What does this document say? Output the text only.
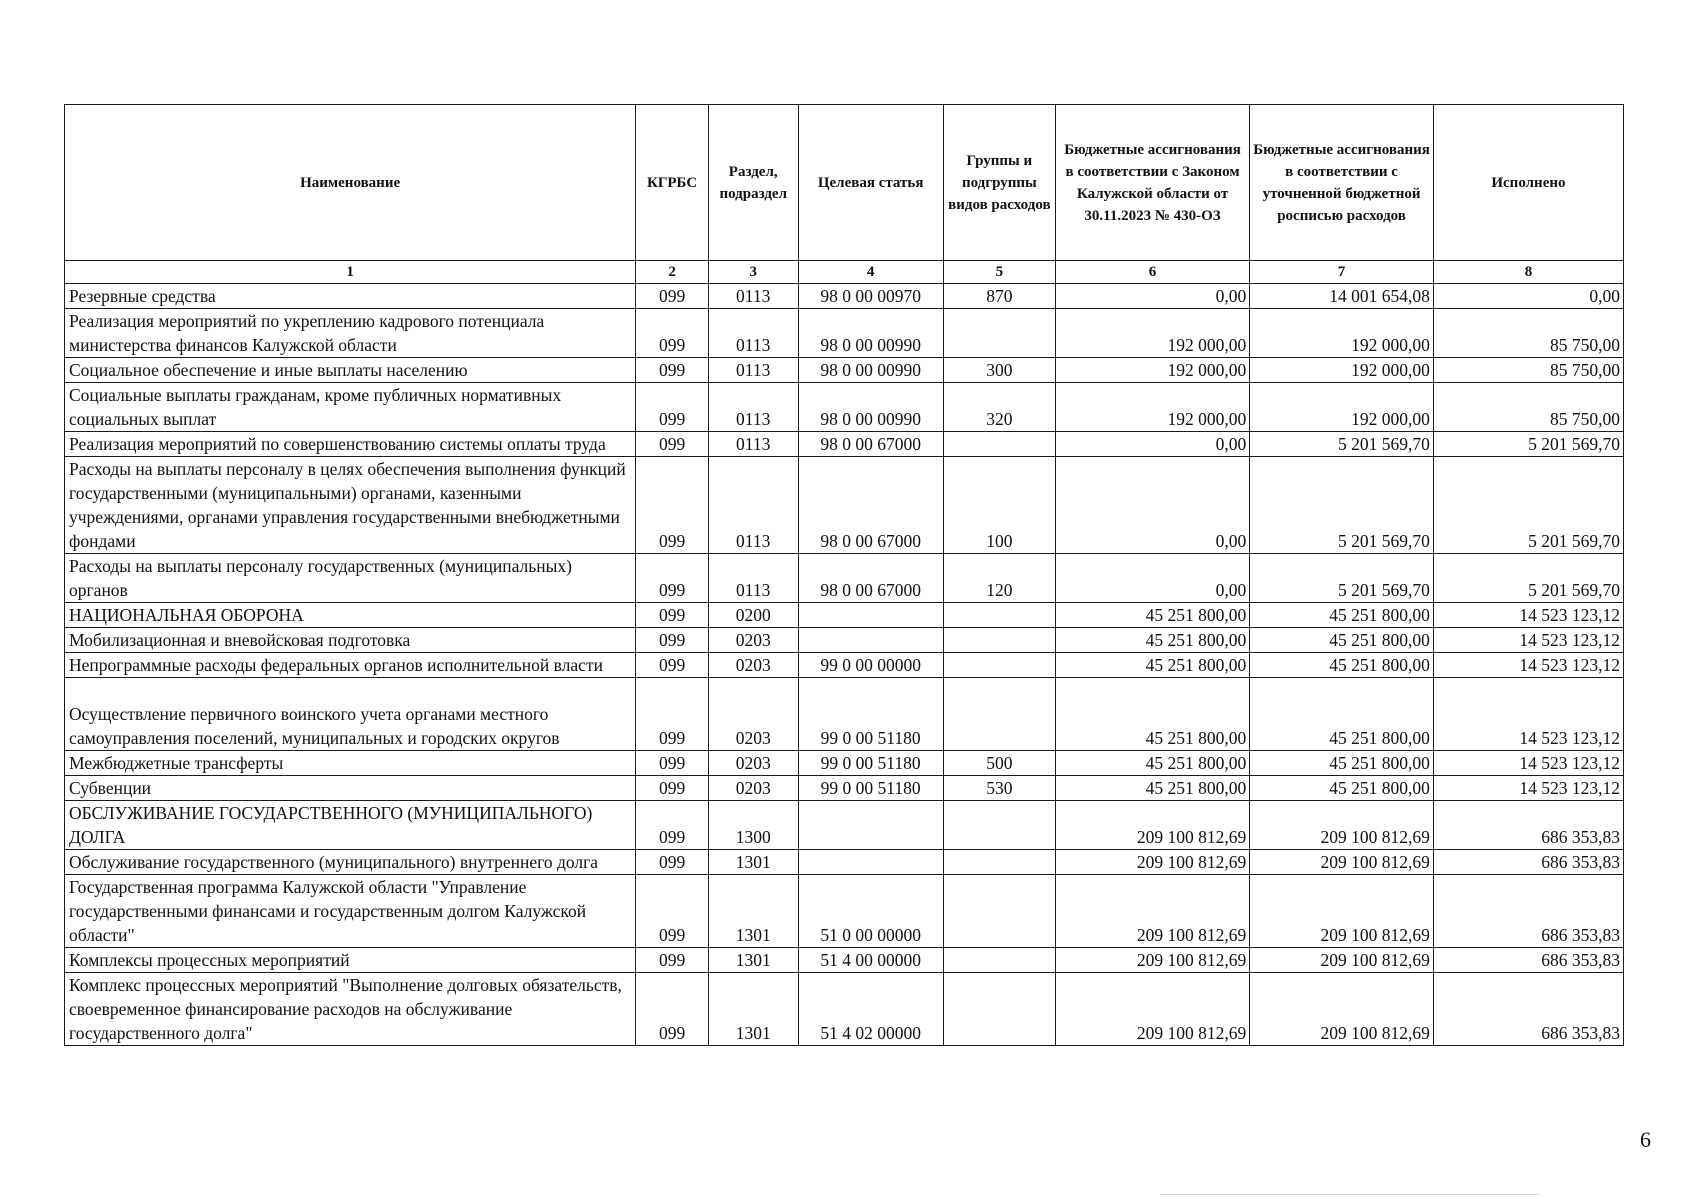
Наименование	КГРБС	Раздел, подраздел	Целевая статья	Группы и подгруппы видов расходов	Бюджетные ассигнования в соответствии с Законом Калужской области от 30.11.2023 № 430-ОЗ	Бюджетные ассигнования в соответствии с уточненной бюджетной росписью расходов	Исполнено
1	2	3	4	5	6	7	8
Резервные средства	099	0113	98 0 00 00970	870	0,00	14 001 654,08	0,00
Реализация мероприятий по укреплению кадрового потенциала министерства финансов Калужской области	099	0113	98 0 00 00990		192 000,00	192 000,00	85 750,00
Социальное обеспечение и иные выплаты населению	099	0113	98 0 00 00990	300	192 000,00	192 000,00	85 750,00
Социальные выплаты гражданам, кроме публичных нормативных социальных выплат	099	0113	98 0 00 00990	320	192 000,00	192 000,00	85 750,00
Реализация мероприятий по совершенствованию системы оплаты труда	099	0113	98 0 00 67000		0,00	5 201 569,70	5 201 569,70
Расходы на выплаты персоналу в целях обеспечения выполнения функций государственными (муниципальными) органами, казенными учреждениями, органами управления государственными внебюджетными фондами	099	0113	98 0 00 67000	100	0,00	5 201 569,70	5 201 569,70
Расходы на выплаты персоналу государственных (муниципальных) органов	099	0113	98 0 00 67000	120	0,00	5 201 569,70	5 201 569,70
НАЦИОНАЛЬНАЯ ОБОРОНА	099	0200			45 251 800,00	45 251 800,00	14 523 123,12
Мобилизационная и вневойсковая подготовка	099	0203			45 251 800,00	45 251 800,00	14 523 123,12
Непрограммные расходы федеральных органов исполнительной власти	099	0203	99 0 00 00000		45 251 800,00	45 251 800,00	14 523 123,12
Осуществление первичного воинского учета органами местного самоуправления поселений, муниципальных и городских округов	099	0203	99 0 00 51180		45 251 800,00	45 251 800,00	14 523 123,12
Межбюджетные трансферты	099	0203	99 0 00 51180	500	45 251 800,00	45 251 800,00	14 523 123,12
Субвенции	099	0203	99 0 00 51180	530	45 251 800,00	45 251 800,00	14 523 123,12
ОБСЛУЖИВАНИЕ ГОСУДАРСТВЕННОГО (МУНИЦИПАЛЬНОГО) ДОЛГА	099	1300			209 100 812,69	209 100 812,69	686 353,83
Обслуживание государственного (муниципального) внутреннего долга	099	1301			209 100 812,69	209 100 812,69	686 353,83
Государственная программа Калужской области "Управление государственными финансами и государственным долгом Калужской области"	099	1301	51 0 00 00000		209 100 812,69	209 100 812,69	686 353,83
Комплексы процессных мероприятий	099	1301	51 4 00 00000		209 100 812,69	209 100 812,69	686 353,83
Комплекс процессных мероприятий "Выполнение долговых обязательств, своевременное финансирование расходов на обслуживание государственного долга"	099	1301	51 4 02 00000		209 100 812,69	209 100 812,69	686 353,83
6
